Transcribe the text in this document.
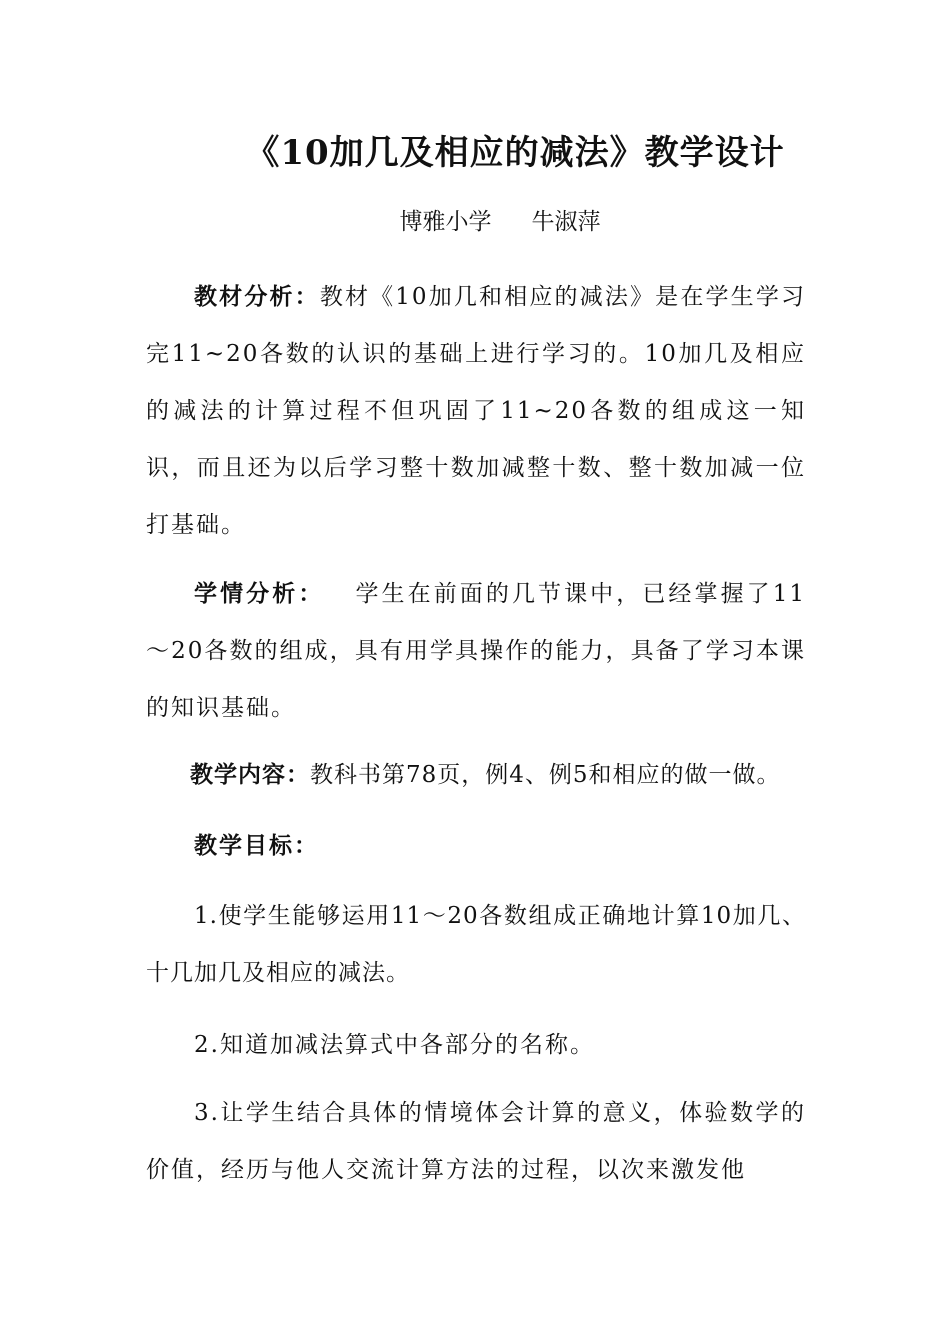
《10加几及相应的减法》教学设计
博雅小学 牛淑萍

教材分析：教材《10加几和相应的减法》是在学生学习完11~20各数的认识的基础上进行学习的。10加几及相应的减法的计算过程不但巩固了11~20各数的组成这一知识，而且还为以后学习整十数加减整十数、整十数加减一位打基础。

学情分析： 学生在前面的几节课中，已经掌握了11～20各数的组成，具有用学具操作的能力，具备了学习本课的知识基础。

教学内容：教科书第78页，例4、例5和相应的做一做。
教学目标：

1.使学生能够运用11～20各数组成正确地计算10加几、十几加几及相应的减法。

2.知道加减法算式中各部分的名称。

3.让学生结合具体的情境体会计算的意义，体验数学的价值，经历与他人交流计算方法的过程，以次来激发他
